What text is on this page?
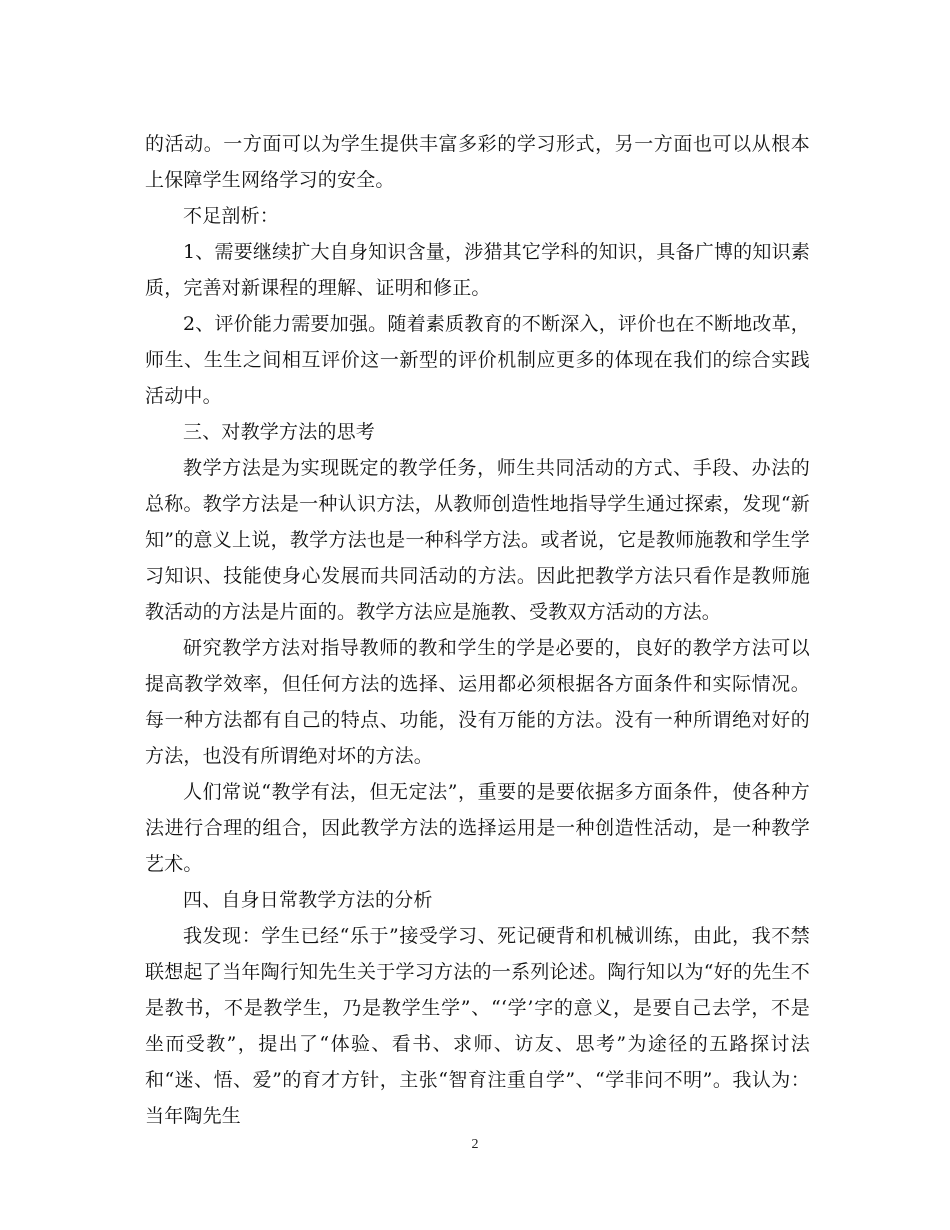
的活动。一方面可以为学生提供丰富多彩的学习形式，另一方面也可以从根本上保障学生网络学习的安全。

不足剖析：

1、需要继续扩大自身知识含量，涉猎其它学科的知识，具备广博的知识素质，完善对新课程的理解、证明和修正。

2、评价能力需要加强。随着素质教育的不断深入，评价也在不断地改革，师生、生生之间相互评价这一新型的评价机制应更多的体现在我们的综合实践活动中。

三、对教学方法的思考

教学方法是为实现既定的教学任务，师生共同活动的方式、手段、办法的总称。教学方法是一种认识方法，从教师创造性地指导学生通过探索，发现“新知”的意义上说，教学方法也是一种科学方法。或者说，它是教师施教和学生学习知识、技能使身心发展而共同活动的方法。因此把教学方法只看作是教师施教活动的方法是片面的。教学方法应是施教、受教双方活动的方法。

研究教学方法对指导教师的教和学生的学是必要的，良好的教学方法可以提高教学效率，但任何方法的选择、运用都必须根据各方面条件和实际情况。每一种方法都有自己的特点、功能，没有万能的方法。没有一种所谓绝对好的方法，也没有所谓绝对坏的方法。

人们常说“教学有法，但无定法”，重要的是要依据多方面条件，使各种方法进行合理的组合，因此教学方法的选择运用是一种创造性活动，是一种教学艺术。

四、自身日常教学方法的分析

我发现：学生已经“乐于”接受学习、死记硬背和机械训练，由此，我不禁联想起了当年陶行知先生关于学习方法的一系列论述。陶行知以为“好的先生不是教书，不是教学生，乃是教学生学”、“‘学’字的意义，是要自己去学，不是坐而受教”，提出了“体验、看书、求师、访友、思考”为途径的五路探讨法和“迷、悟、爱”的育才方针，主张“智育注重自学”、“学非问不明”。我认为：当年陶先生

2
